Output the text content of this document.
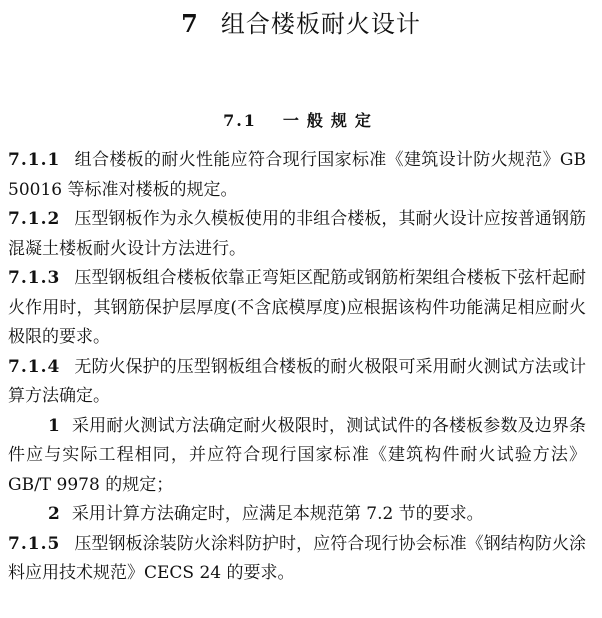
7 组合楼板耐火设计
7.1 一般规定

7.1.1 组合楼板的耐火性能应符合现行国家标准《建筑设计防火规范》GB 50016 等标准对楼板的规定。

7.1.2 压型钢板作为永久模板使用的非组合楼板，其耐火设计应按普通钢筋混凝土楼板耐火设计方法进行。

7.1.3 压型钢板组合楼板依靠正弯矩区配筋或钢筋桁架组合楼板下弦杆起耐火作用时，其钢筋保护层厚度(不含底模厚度)应根据该构件功能满足相应耐火极限的要求。

7.1.4 无防火保护的压型钢板组合楼板的耐火极限可采用耐火测试方法或计算方法确定。

1 采用耐火测试方法确定耐火极限时，测试试件的各楼板参数及边界条件应与实际工程相同，并应符合现行国家标准《建筑构件耐火试验方法》GB/T 9978 的规定；

2 采用计算方法确定时，应满足本规范第 7.2 节的要求。

7.1.5 压型钢板涂装防火涂料防护时，应符合现行协会标准《钢结构防火涂料应用技术规范》CECS 24 的要求。
